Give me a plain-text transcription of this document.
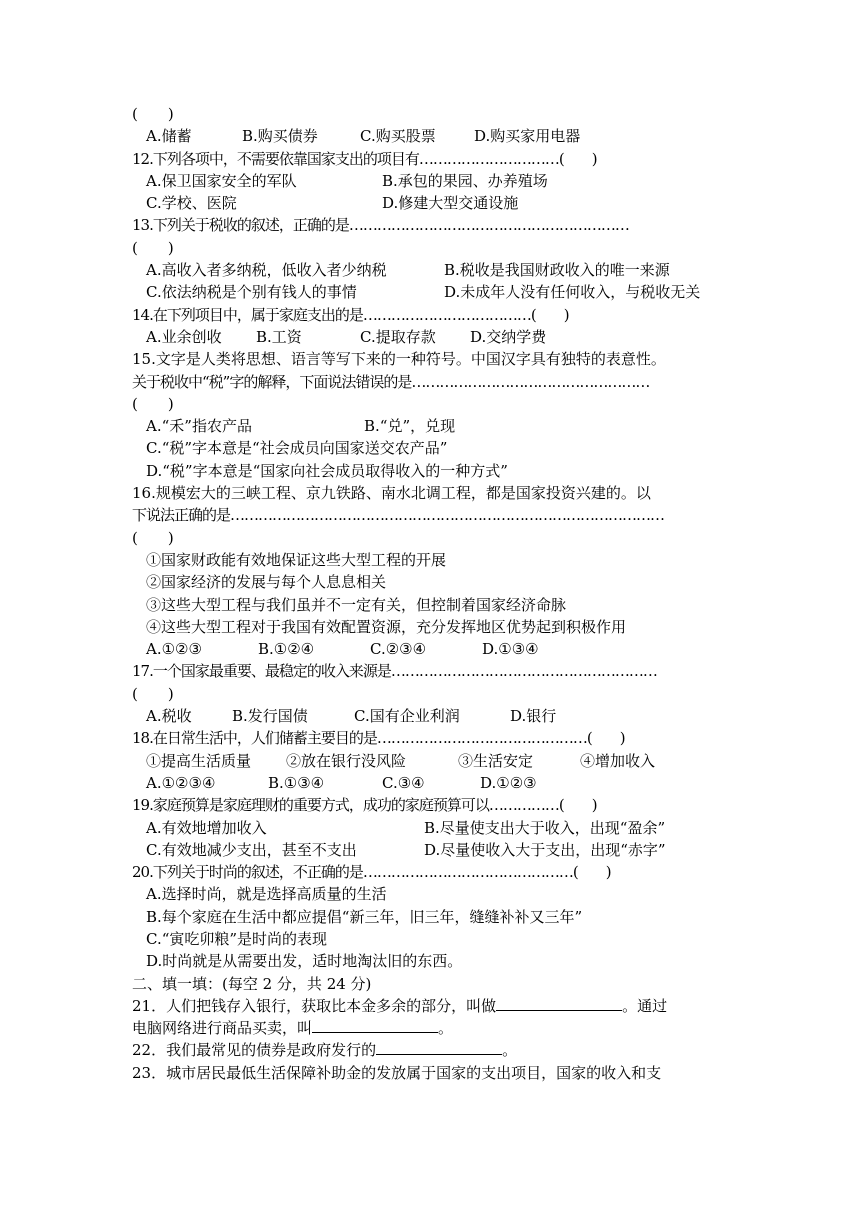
(　　)
A.储蓄	B.购买债券	C.购买股票	D.购买家用电器
12.下列各项中，不需要依靠国家支出的项目有…………………………(　　)
A.保卫国家安全的军队	B.承包的果园、办养殖场
C.学校、医院	D.修建大型交通设施
13.下列关于税收的叙述，正确的是……………………………………………………
(　　)
A.高收入者多纳税，低收入者少纳税	B.税收是我国财政收入的唯一来源
C.依法纳税是个别有钱人的事情	D.未成年人没有任何收入，与税收无关
14.在下列项目中，属于家庭支出的是………………………………(　　)
A.业余创收	B.工资	C.提取存款	D.交纳学费
15.文字是人类将思想、语言等写下来的一种符号。中国汉字具有独特的表意性。
关于税收中“税”字的解释，下面说法错误的是……………………………………………
(　　)
A.“禾”指农产品	B.“兑”，兑现
C.“税”字本意是“社会成员向国家送交农产品”
D.“税”字本意是“国家向社会成员取得收入的一种方式”
16.规模宏大的三峡工程、京九铁路、南水北调工程，都是国家投资兴建的。以
下说法正确的是…………………………………………………………………………………
(　　)
①国家财政能有效地保证这些大型工程的开展
②国家经济的发展与每个人息息相关
③这些大型工程与我们虽并不一定有关，但控制着国家经济命脉
④这些大型工程对于我国有效配置资源，充分发挥地区优势起到积极作用
A.①②③	B.①②④	C.②③④	D.①③④
17.一个国家最重要、最稳定的收入来源是…………………………………………………
(　　)
A.税收	B.发行国债	C.国有企业利润	D.银行
18.在日常生活中，人们储蓄主要目的是………………………………………(　　)
①提高生活质量	②放在银行没风险	③生活安定	④增加收入
A.①②③④	B.①③④	C.③④	D.①②③
19.家庭预算是家庭理财的重要方式，成功的家庭预算可以……………(　　)
A.有效地增加收入	B.尽量使支出大于收入，出现“盈余”
C.有效地减少支出，甚至不支出	D.尽量使收入大于支出，出现“赤字”
20.下列关于时尚的叙述，不正确的是………………………………………(　　)
A.选择时尚，就是选择高质量的生活
B.每个家庭在生活中都应提倡“新三年，旧三年，缝缝补补又三年”
C.“寅吃卯粮”是时尚的表现
D.时尚就是从需要出发，适时地淘汰旧的东西。
二、填一填：(每空 2 分，共 24 分)
21．人们把钱存入银行，获取比本金多余的部分，叫做	。通过
电脑网络进行商品买卖，叫	。
22．我们最常见的债券是政府发行的	。
23．城市居民最低生活保障补助金的发放属于国家的支出项目，国家的收入和支
